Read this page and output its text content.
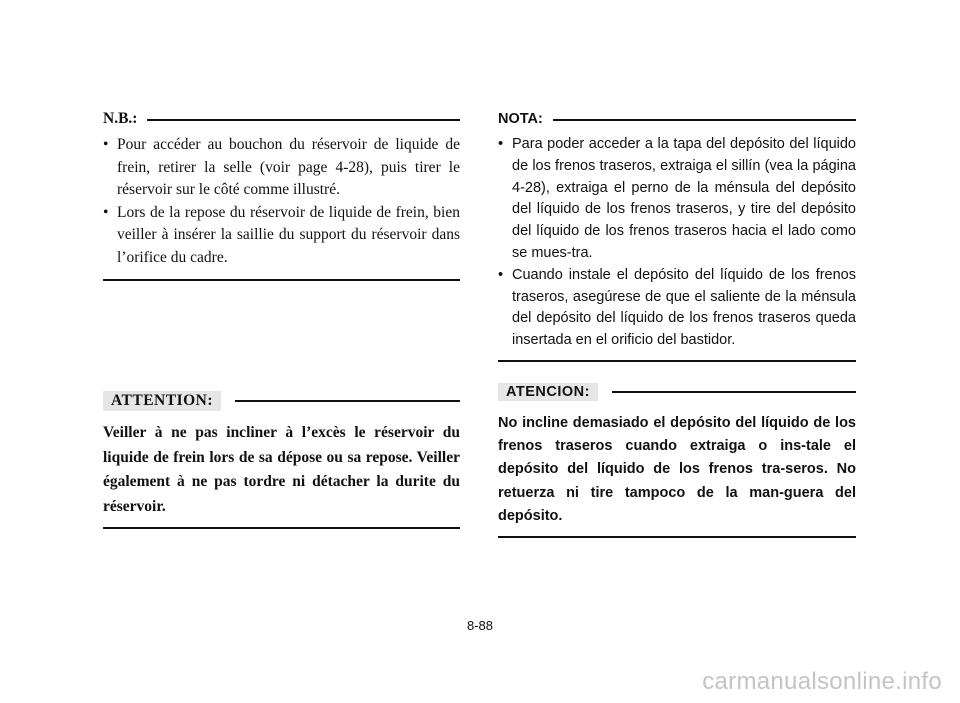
N.B.:
• Pour accéder au bouchon du réservoir de liquide de frein, retirer la selle (voir page 4-28), puis tirer le réservoir sur le côté comme illustré.
• Lors de la repose du réservoir de liquide de frein, bien veiller à insérer la saillie du support du réservoir dans l’orifice du cadre.
ATTENTION:
Veiller à ne pas incliner à l’excès le réservoir du liquide de frein lors de sa dépose ou sa repose. Veiller également à ne pas tordre ni détacher la durite du réservoir.
NOTA:
• Para poder acceder a la tapa del depósito del líquido de los frenos traseros, extraiga el sillín (vea la página 4-28), extraiga el perno de la ménsula del depósito del líquido de los frenos traseros, y tire del depósito del líquido de los frenos traseros hacia el lado como se mues-tra.
• Cuando instale el depósito del líquido de los frenos traseros, asegúrese de que el saliente de la ménsula del depósito del líquido de los frenos traseros queda insertada en el orificio del bastidor.
ATENCION:
No incline demasiado el depósito del líquido de los frenos traseros cuando extraiga o ins-tale el depósito del líquido de los frenos tra-seros. No retuerza ni tire tampoco de la man-guera del depósito.
8-88
carmanualsonline.info
